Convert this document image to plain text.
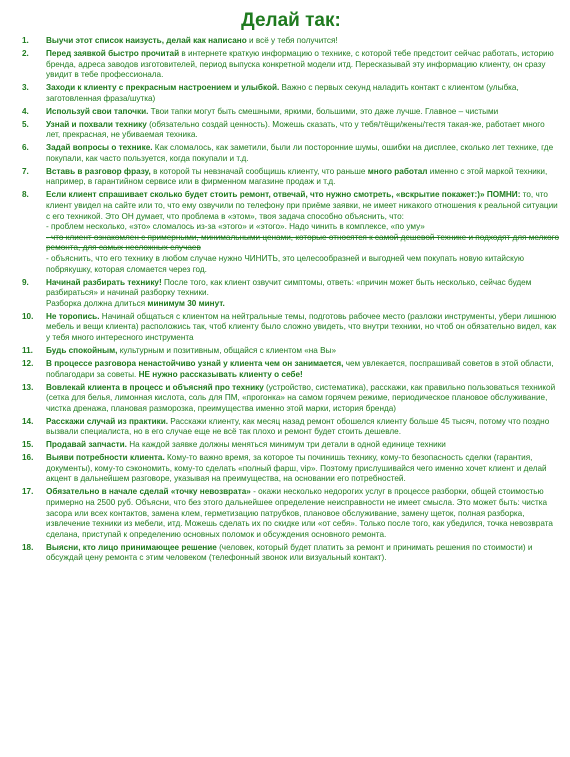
Делай так:
1. Выучи этот список наизусть, делай как написано и всё у тебя получится!
2. Перед заявкой быстро прочитай в интернете краткую информацию о технике, с которой тебе предстоит сейчас работать, историю бренда, адреса заводов изготовителей, период выпуска конкретной модели итд. Пересказывай эту информацию клиенту, он сразу увидит в тебе профессионала.
3. Заходи к клиенту с прекрасным настроением и улыбкой. Важно с первых секунд наладить контакт с клиентом (улыбка, заготовленная фраза/шутка)
4. Используй свои тапочки. Твои тапки могут быть смешными, яркими, большими, это даже лучше. Главное – чистыми
5. Узнай и похвали технику (обязательно создай ценность). Можешь сказать, что у тебя/тёщи/жены/тестя такая-же, работает много лет, прекрасная, не убиваемая техника.
6. Задай вопросы о технике. Как сломалось, как заметили, были ли посторонние шумы, ошибки на дисплее, сколько лет технике, где покупали, как часто пользуется, когда покупали и т.д.
7. Вставь в разговор фразу, в которой ты невзначай сообщишь клиенту, что раньше много работал именно с этой маркой техники, например, в гарантийном сервисе или в фирменном магазине продаж и т.д.
8. Если клиент спрашивает сколько будет стоить ремонт, отвечай, что нужно смотреть, «вскрытие покажет:)» ПОМНИ: то, что клиент увидел на сайте или то, что ему озвучили по телефону при приёме заявки, не имеет никакого отношения к реальной ситуации с его техникой. Это ОН думает, что проблема в «этом», твоя задача способно объяснить, что:
- проблем несколько, «это» сломалось из-за «этого» и «этого». Надо чинить в комплексе, «по уму»
- что клиент ознакомлен с примерными, минимальными ценами, которые относятся к самой дешевой технике и подходят для мелкого ремонта, для самых несложных случаев
- объяснить, что его технику в любом случае нужно ЧИНИТЬ, это целесообразней и выгодней чем покупать новую китайскую побрякушку, которая сломается через год.
9. Начинай разбирать технику! После того, как клиент озвучит симптомы, ответь: «причин может быть несколько, сейчас будем разбираться» и начинай разборку техники.
Разборка должна длиться минимум 30 минут.
10. Не торопись. Начинай общаться с клиентом на нейтральные темы, подготовь рабочее место (разложи инструменты, убери лишнюю мебель и вещи клиента) расположись так, чтоб клиенту было сложно увидеть, что внутри техники, но чтоб он обязательно видел, как у тебя много интересного инструмента
11. Будь спокойным, культурным и позитивным, общайся с клиентом «на Вы»
12. В процессе разговора ненастойчиво узнай у клиента чем он занимается, чем увлекается, поспрашивай советов в этой области, поблагодари за советы. НЕ нужно рассказывать клиенту о себе!
13. Вовлекай клиента в процесс и объясняй про технику (устройство, систематика), расскажи, как правильно пользоваться техникой (сетка для белья, лимонная кислота, соль для ПМ, «прогонка» на самом горячем режиме, периодическое плановое обслуживание, чистка дренажа, плановая разморозка, преимущества именно этой марки, история бренда)
14. Расскажи случай из практики. Расскажи клиенту, как месяц назад ремонт обошелся клиенту больше 45 тысяч, потому что поздно вызвали специалиста, но в его случае еще не всё так плохо и ремонт будет стоить дешевле.
15. Продавай запчасти. На каждой заявке должны меняться минимум три детали в одной единице техники
16. Выяви потребности клиента. Кому-то важно время, за которое ты починишь технику, кому-то безопасность сделки (гарантия, документы), кому-то сэкономить, кому-то сделать «полный фарш, vip». Поэтому прислушивайся чего именно хочет клиент и делай акцент в дальнейшем разговоре, указывая на преимущества, на основании его потребностей.
17. Обязательно в начале сделай «точку невозврата» - окажи несколько недорогих услуг в процессе разборки, общей стоимостью примерно на 2500 руб. Объясни, что без этого дальнейшее определение неисправности не имеет смысла. Это может быть: чистка засора или всех контактов, замена клем, герметизацию патрубков, плановое обслуживание, замену щеток, полная разборка, извлечение техники из мебели, итд. Можешь сделать их по скидке или «от себя». Только после того, как убедился, точка невозврата сделана, приступай к определению основных поломок и обсуждения основного ремонта.
18. Выясни, кто лицо принимающее решение (человек, который будет платить за ремонт и принимать решения по стоимости) и обсуждай цену ремонта с этим человеком (телефонный звонок или визуальный контакт).
